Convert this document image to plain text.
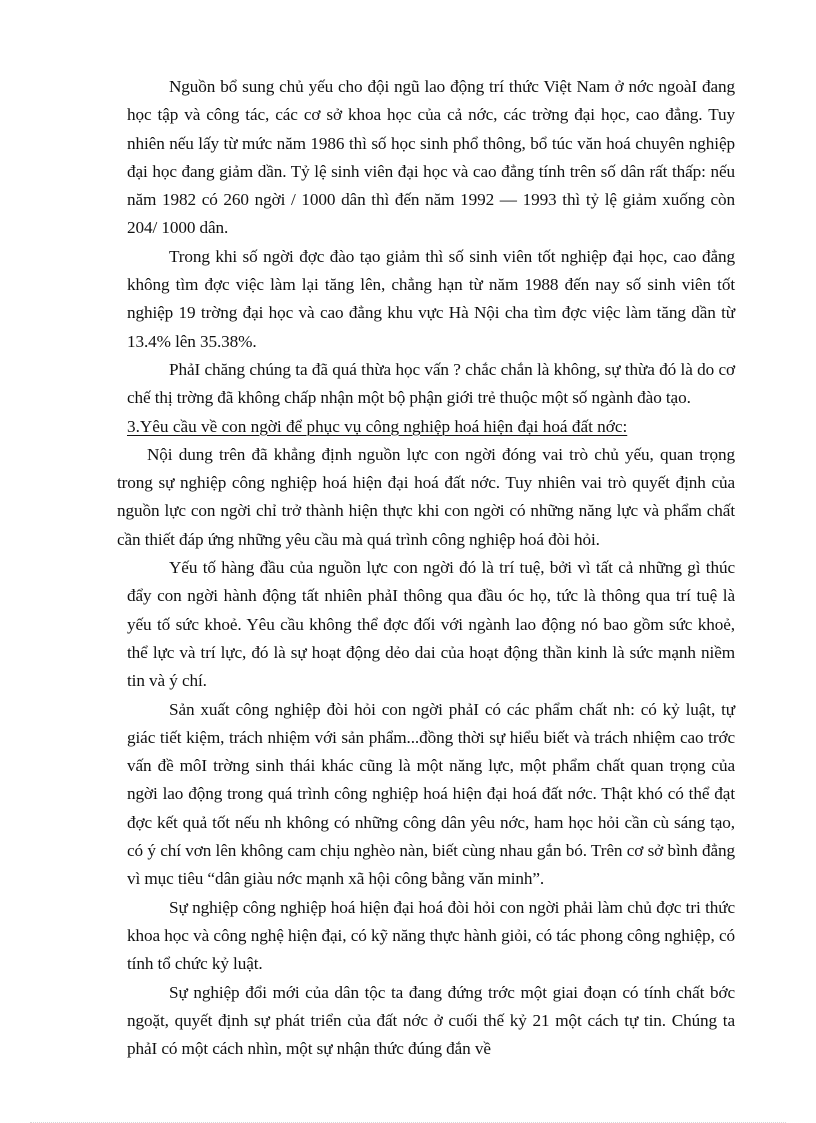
Nguồn bổ sung chủ yếu cho đội ngũ lao động trí thức Việt Nam ở nớc ngoàI đang học tập và công tác, các cơ sở khoa học của cả nớc, các trờng đại học, cao đẳng. Tuy nhiên nếu lấy từ mức năm 1986 thì số học sinh phổ thông, bổ túc văn hoá chuyên nghiệp đại học đang giảm dần. Tỷ lệ sinh viên đại học và cao đẳng tính trên số dân rất thấp: nếu năm 1982 có 260 ngời / 1000 dân thì đến năm 1992 — 1993 thì tỷ lệ giảm xuống còn 204/ 1000 dân.

Trong khi số ngời đợc đào tạo giảm thì số sinh viên tốt nghiệp đại học, cao đẳng không tìm đợc việc làm lại tăng lên, chẳng hạn từ năm 1988 đến nay số sinh viên tốt nghiệp 19 trờng đại học và cao đẳng khu vực Hà Nội cha tìm đợc việc làm tăng dần từ 13.4% lên 35.38%.

PhảI chăng chúng ta đã quá thừa học vấn ? chắc chắn là không, sự thừa đó là do cơ chế thị trờng đã không chấp nhận một bộ phận giới trẻ thuộc một số ngành đào tạo.

3.Yêu cầu về con ngời để phục vụ công nghiệp hoá hiện đại hoá đất nớc:

Nội dung trên đã khẳng định nguồn lực con ngời đóng vai trò chủ yếu, quan trọng trong sự nghiệp công nghiệp hoá hiện đại hoá đất nớc. Tuy nhiên vai trò quyết định của nguồn lực con ngời chỉ trở thành hiện thực khi con ngời có những năng lực và phẩm chất cần thiết đáp ứng những yêu cầu mà quá trình công nghiệp hoá đòi hỏi.

Yếu tố hàng đầu của nguồn lực con ngời đó là trí tuệ, bởi vì tất cả những gì thúc đẩy con ngời hành động tất nhiên phảI thông qua đầu óc họ, tức là thông qua trí tuệ là yếu tố sức khoẻ. Yêu cầu không thể đợc đối với ngành lao động nó bao gồm sức khoẻ, thể lực và trí lực, đó là sự hoạt động dẻo dai của hoạt động thần kinh là sức mạnh niềm tin và ý chí.

Sản xuất công nghiệp đòi hỏi con ngời phảI có các phẩm chất nh: có kỷ luật, tự giác tiết kiệm, trách nhiệm với sản phẩm...đồng thời sự hiểu biết và trách nhiệm cao trớc vấn đề môI trờng sinh thái khác cũng là một năng lực, một phẩm chất quan trọng của ngời lao động trong quá trình công nghiệp hoá hiện đại hoá đất nớc. Thật khó có thể đạt đợc kết quả tốt nếu nh không có những công dân yêu nớc, ham học hỏi cần cù sáng tạo, có ý chí vơn lên không cam chịu nghèo nàn, biết cùng nhau gắn bó. Trên cơ sở bình đẳng vì mục tiêu “dân giàu nớc mạnh xã hội công bằng văn minh”.

Sự nghiệp công nghiệp hoá hiện đại hoá đòi hỏi con ngời phải làm chủ đợc tri thức khoa học và công nghệ hiện đại, có kỹ năng thực hành giỏi, có tác phong công nghiệp, có tính tổ chức kỷ luật.

Sự nghiệp đổi mới của dân tộc ta đang đứng trớc một giai đoạn có tính chất bớc ngoặt, quyết định sự phát triển của đất nớc ở cuối thế kỷ 21 một cách tự tin. Chúng ta phảI có một cách nhìn, một sự nhận thức đúng đắn về
